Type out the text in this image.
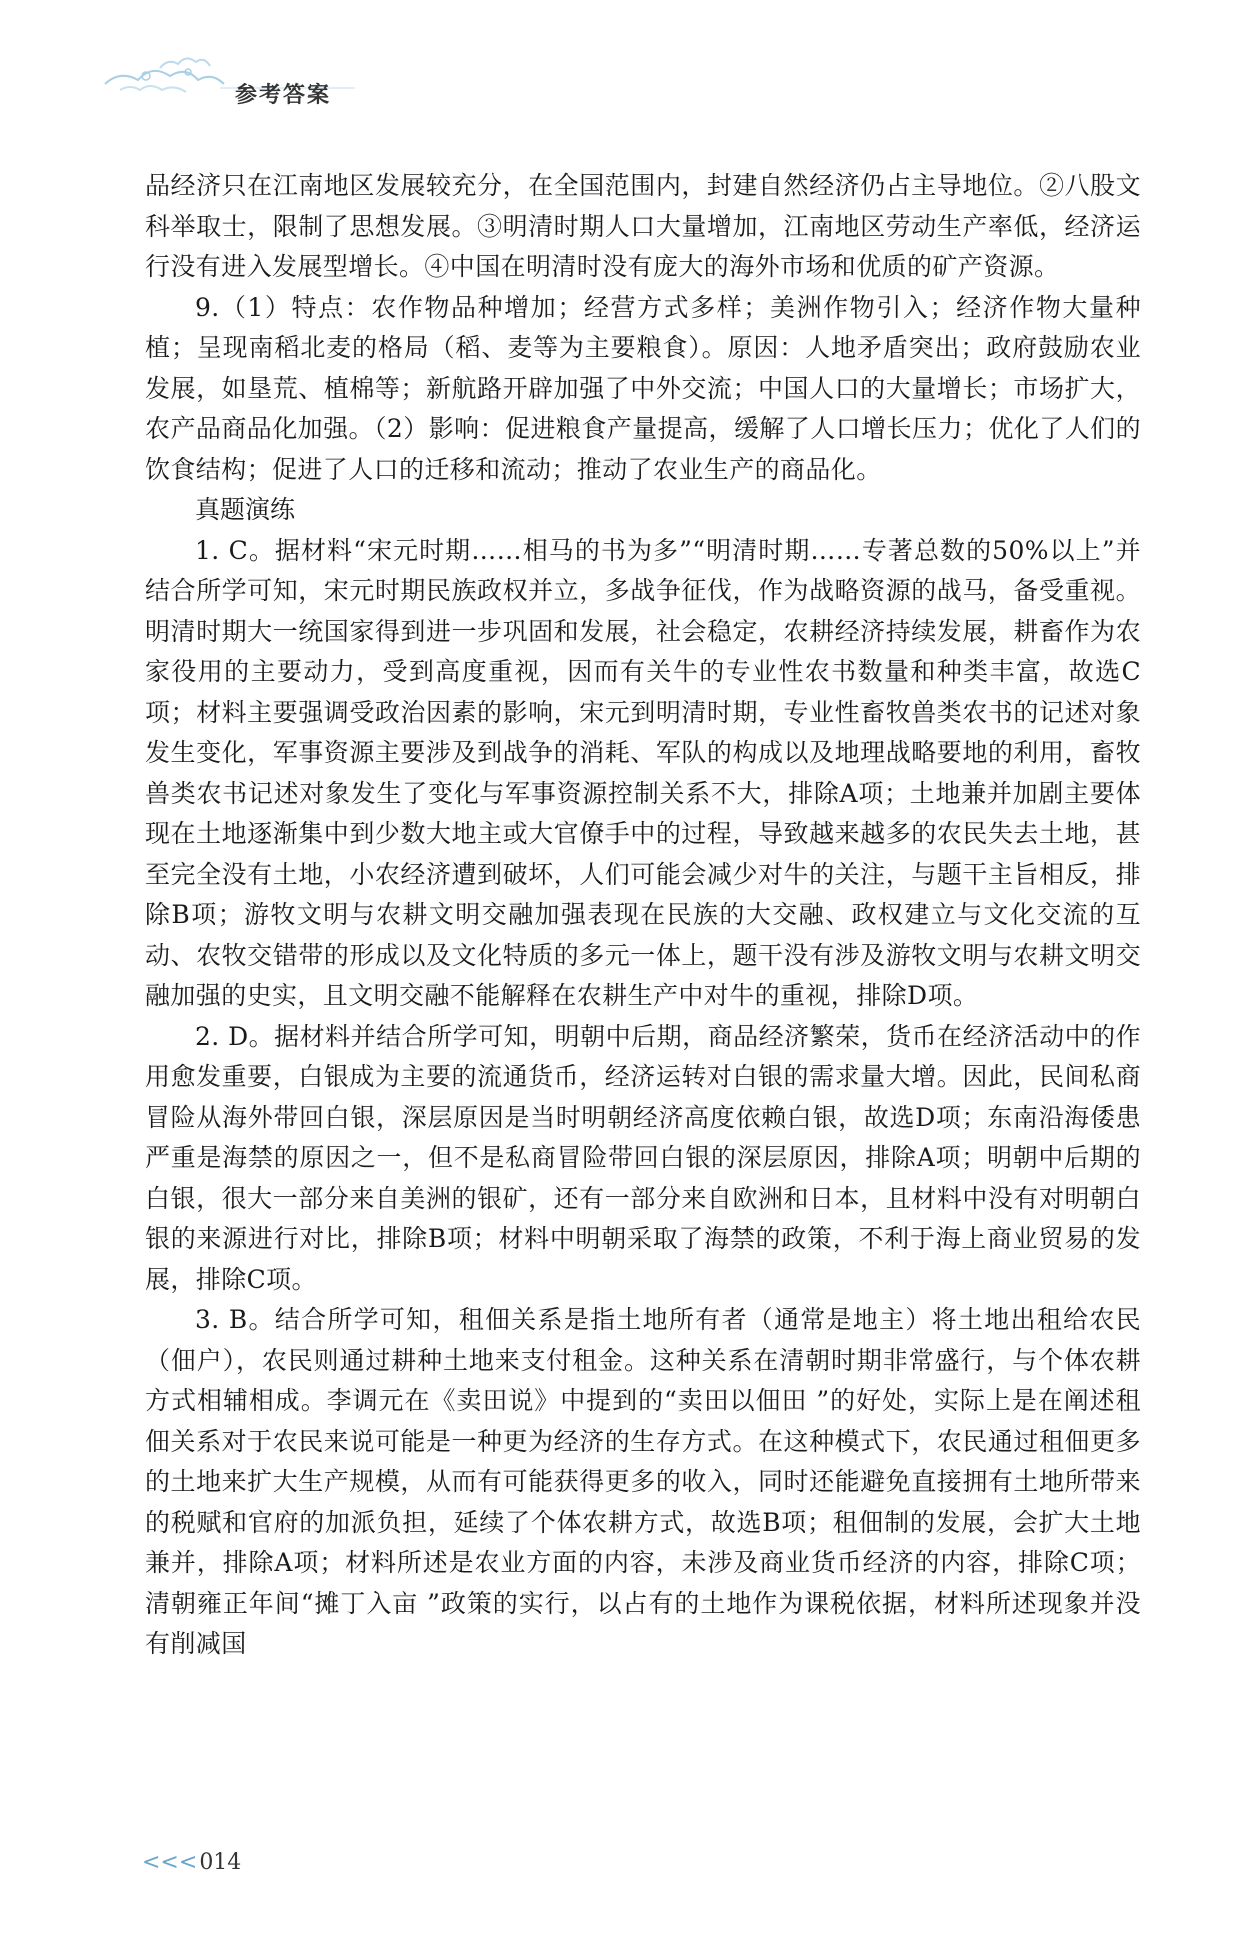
参考答案

品经济只在江南地区发展较充分，在全国范围内，封建自然经济仍占主导地位。②八股文科举取士，限制了思想发展。③明清时期人口大量增加，江南地区劳动生产率低，经济运行没有进入发展型增长。④中国在明清时没有庞大的海外市场和优质的矿产资源。

9.（1）特点：农作物品种增加；经营方式多样；美洲作物引入；经济作物大量种植；呈现南稻北麦的格局（稻、麦等为主要粮食）。原因：人地矛盾突出；政府鼓励农业发展，如垦荒、植棉等；新航路开辟加强了中外交流；中国人口的大量增长；市场扩大，农产品商品化加强。（2）影响：促进粮食产量提高，缓解了人口增长压力；优化了人们的饮食结构；促进了人口的迁移和流动；推动了农业生产的商品化。

真题演练

1. C。据材料“宋元时期……相马的书为多”“明清时期……专著总数的50%以上”并结合所学可知，宋元时期民族政权并立，多战争征伐，作为战略资源的战马，备受重视。明清时期大一统国家得到进一步巩固和发展，社会稳定，农耕经济持续发展，耕畜作为农家役用的主要动力，受到高度重视，因而有关牛的专业性农书数量和种类丰富，故选C项；材料主要强调受政治因素的影响，宋元到明清时期，专业性畜牧兽类农书的记述对象发生变化，军事资源主要涉及到战争的消耗、军队的构成以及地理战略要地的利用，畜牧兽类农书记述对象发生了变化与军事资源控制关系不大，排除A项；土地兼并加剧主要体现在土地逐渐集中到少数大地主或大官僚手中的过程，导致越来越多的农民失去土地，甚至完全没有土地，小农经济遭到破坏，人们可能会减少对牛的关注，与题干主旨相反，排除B项；游牧文明与农耕文明交融加强表现在民族的大交融、政权建立与文化交流的互动、农牧交错带的形成以及文化特质的多元一体上，题干没有涉及游牧文明与农耕文明交融加强的史实，且文明交融不能解释在农耕生产中对牛的重视，排除D项。

2. D。据材料并结合所学可知，明朝中后期，商品经济繁荣，货币在经济活动中的作用愈发重要，白银成为主要的流通货币，经济运转对白银的需求量大增。因此，民间私商冒险从海外带回白银，深层原因是当时明朝经济高度依赖白银，故选D项；东南沿海倭患严重是海禁的原因之一，但不是私商冒险带回白银的深层原因，排除A项；明朝中后期的白银，很大一部分来自美洲的银矿，还有一部分来自欧洲和日本，且材料中没有对明朝白银的来源进行对比，排除B项；材料中明朝采取了海禁的政策，不利于海上商业贸易的发展，排除C项。

3. B。结合所学可知，租佃关系是指土地所有者（通常是地主）将土地出租给农民（佃户），农民则通过耕种土地来支付租金。这种关系在清朝时期非常盛行，与个体农耕方式相辅相成。李调元在《卖田说》中提到的“卖田以佃田 ”的好处，实际上是在阐述租佃关系对于农民来说可能是一种更为经济的生存方式。在这种模式下，农民通过租佃更多的土地来扩大生产规模，从而有可能获得更多的收入，同时还能避免直接拥有土地所带来的税赋和官府的加派负担，延续了个体农耕方式，故选B项；租佃制的发展，会扩大土地兼并，排除A项；材料所述是农业方面的内容，未涉及商业货币经济的内容，排除C项；清朝雍正年间“摊丁入亩 ”政策的实行，以占有的土地作为课税依据，材料所述现象并没有削减国

<<<014
